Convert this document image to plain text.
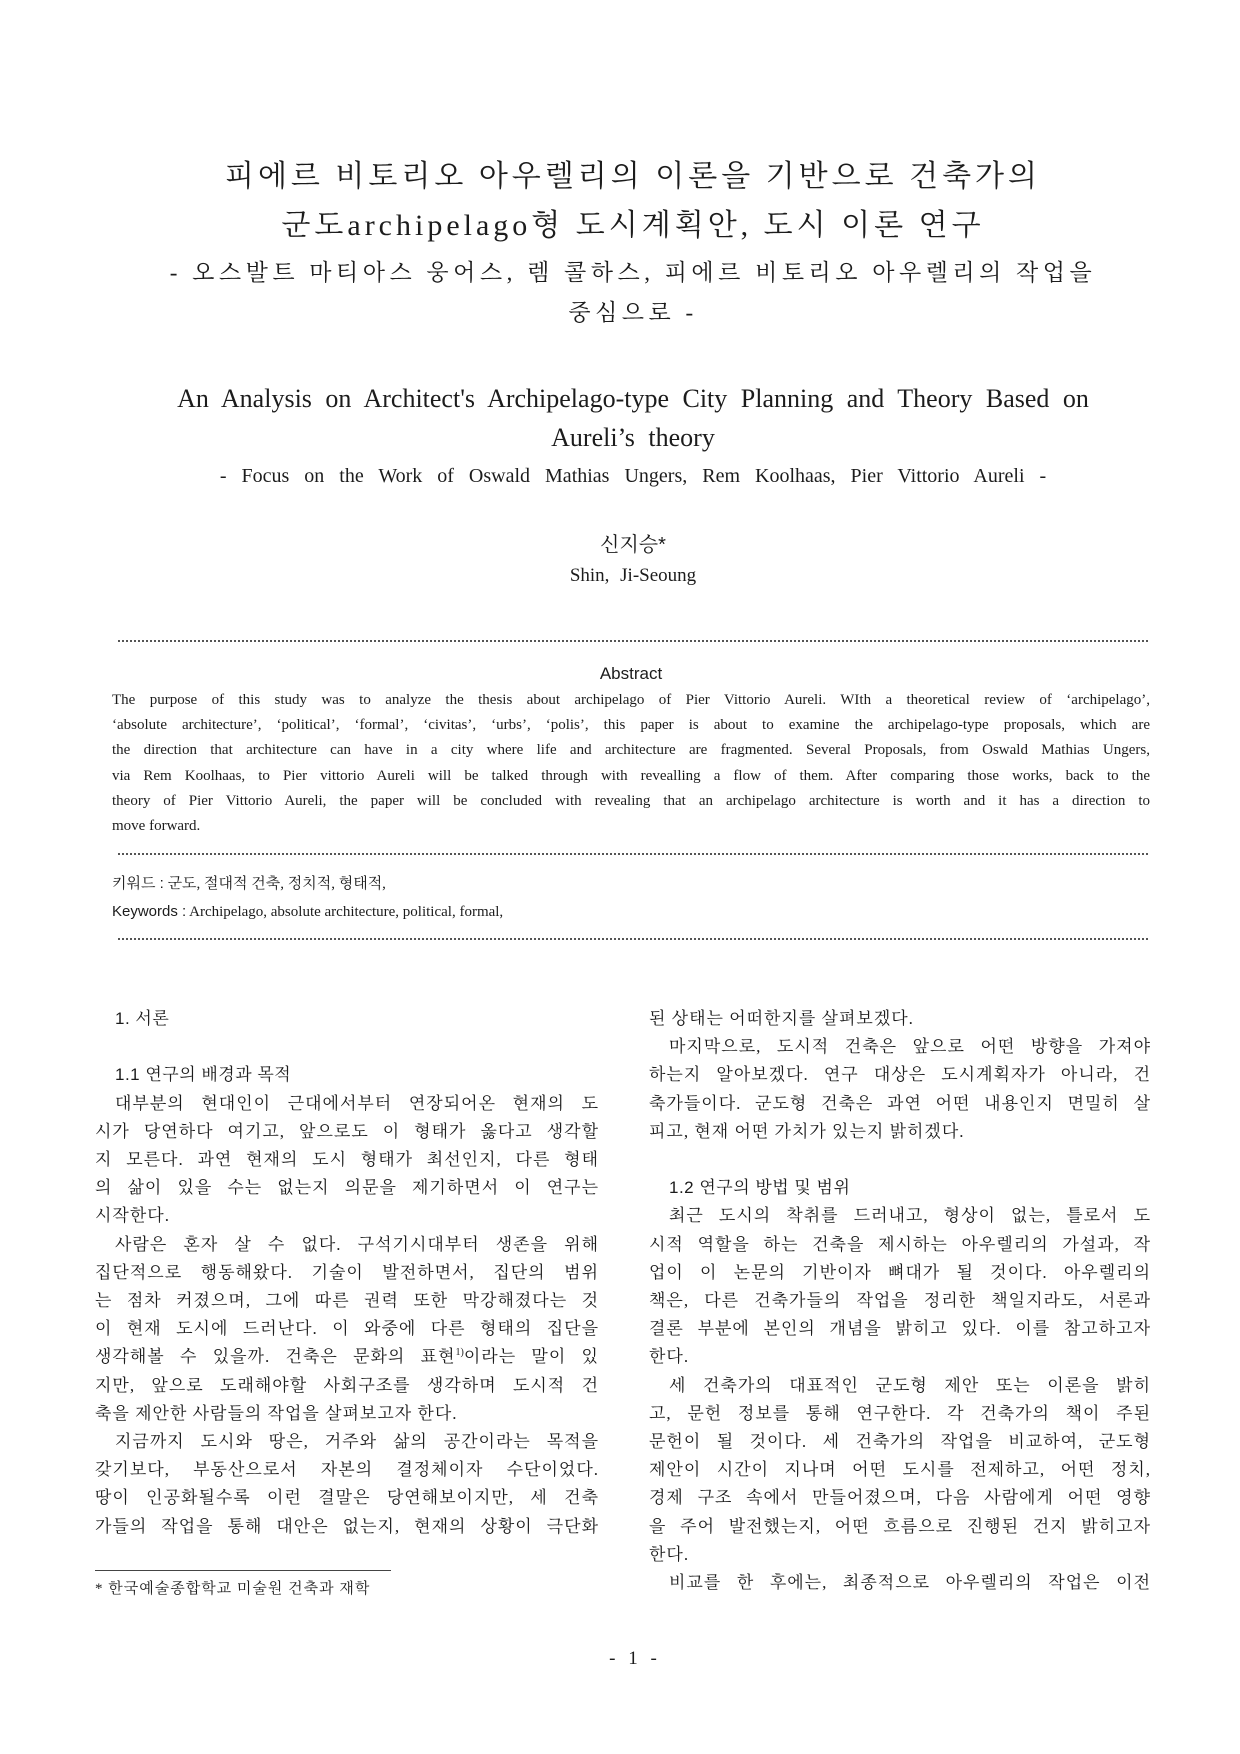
피에르 비토리오 아우렐리의 이론을 기반으로 건축가의
군도archipelago형 도시계획안, 도시 이론 연구
- 오스발트 마티아스 웅어스, 렘 콜하스, 피에르 비토리오 아우렐리의 작업을
중심으로 -
An Analysis on Architect's Archipelago-type City Planning and Theory Based on
Aureli’s theory
- Focus on the Work of Oswald Mathias Ungers, Rem Koolhaas, Pier Vittorio Aureli -
신지승*
Shin, Ji-Seoung
Abstract
The purpose of this study was to analyze the thesis about archipelago of Pier Vittorio Aureli. WIth a theoretical review of ‘archipelago’,
‘absolute architecture’, ‘political’, ‘formal’, ‘civitas’, ‘urbs’, ‘polis’, this paper is about to examine the archipelago-type proposals, which are
the direction that architecture can have in a city where life and architecture are fragmented. Several Proposals, from Oswald Mathias Ungers,
via Rem Koolhaas, to Pier vittorio Aureli will be talked through with revealling a flow of them. After comparing those works, back to the
theory of Pier Vittorio Aureli, the paper will be concluded with revealing that an archipelago architecture is worth and it has a direction to
move forward.
키워드 : 군도, 절대적 건축, 정치적, 형태적,
Keywords : Archipelago, absolute architecture, political, formal,
1. 서론
1.1 연구의 배경과 목적
대부분의 현대인이 근대에서부터 연장되어온 현재의 도
시가 당연하다 여기고, 앞으로도 이 형태가 옳다고 생각할
지 모른다. 과연 현재의 도시 형태가 최선인지, 다른 형태
의 삶이 있을 수는 없는지 의문을 제기하면서 이 연구는
시작한다.
사람은 혼자 살 수 없다. 구석기시대부터 생존을 위해
집단적으로 행동해왔다. 기술이 발전하면서, 집단의 범위
는 점차 커졌으며, 그에 따른 권력 또한 막강해졌다는 것
이 현재 도시에 드러난다. 이 와중에 다른 형태의 집단을
생각해볼 수 있을까. 건축은 문화의 표현$^{1)}$이라는 말이 있
지만, 앞으로 도래해야할 사회구조를 생각하며 도시적 건
축을 제안한 사람들의 작업을 살펴보고자 한다.
지금까지 도시와 땅은, 거주와 삶의 공간이라는 목적을
갖기보다, 부동산으로서 자본의 결정체이자 수단이었다.
땅이 인공화될수록 이런 결말은 당연해보이지만, 세 건축
가들의 작업을 통해 대안은 없는지, 현재의 상황이 극단화
된 상태는 어떠한지를 살펴보겠다.
마지막으로, 도시적 건축은 앞으로 어떤 방향을 가져야
하는지 알아보겠다. 연구 대상은 도시계획자가 아니라, 건
축가들이다. 군도형 건축은 과연 어떤 내용인지 면밀히 살
피고, 현재 어떤 가치가 있는지 밝히겠다.
1.2 연구의 방법 및 범위
최근 도시의 착취를 드러내고, 형상이 없는, 틀로서 도
시적 역할을 하는 건축을 제시하는 아우렐리의 가설과, 작
업이 이 논문의 기반이자 뼈대가 될 것이다. 아우렐리의
책은, 다른 건축가들의 작업을 정리한 책일지라도, 서론과
결론 부분에 본인의 개념을 밝히고 있다. 이를 참고하고자
한다.
세 건축가의 대표적인 군도형 제안 또는 이론을 밝히
고, 문헌 정보를 통해 연구한다. 각 건축가의 책이 주된
문헌이 될 것이다. 세 건축가의 작업을 비교하여, 군도형
제안이 시간이 지나며 어떤 도시를 전제하고, 어떤 정치,
경제 구조 속에서 만들어졌으며, 다음 사람에게 어떤 영향
을 주어 발전했는지, 어떤 흐름으로 진행된 건지 밝히고자
한다.
비교를 한 후에는, 최종적으로 아우렐리의 작업은 이전
* 한국예술종합학교 미술원 건축과 재학
- 1 -
